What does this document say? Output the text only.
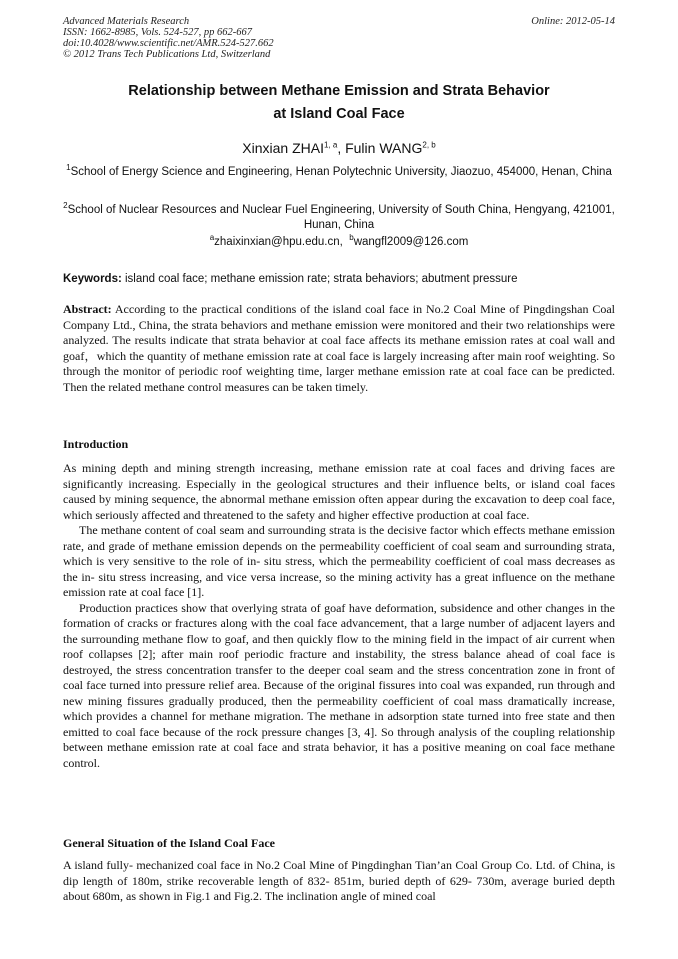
Advanced Materials Research
ISSN: 1662-8985, Vols. 524-527, pp 662-667
doi:10.4028/www.scientific.net/AMR.524-527.662
© 2012 Trans Tech Publications Ltd, Switzerland
Online: 2012-05-14
Relationship between Methane Emission and Strata Behavior
at Island Coal Face
Xinxian ZHAI$^{1, a}$, Fulin WANG$^{2, b}$
$^1$School of Energy Science and Engineering, Henan Polytechnic University, Jiaozuo, 454000, Henan, China
$^2$School of Nuclear Resources and Nuclear Fuel Engineering, University of South China, Hengyang, 421001, Hunan, China
$^a$zhaixinxian@hpu.edu.cn, $^b$wangfl2009@126.com
Keywords: island coal face; methane emission rate; strata behaviors; abutment pressure

Abstract: According to the practical conditions of the island coal face in No.2 Coal Mine of Pingdingshan Coal Company Ltd., China, the strata behaviors and methane emission were monitored and their two relationships were analyzed. The results indicate that strata behavior at coal face affects its methane emission rates at coal wall and goaf，which the quantity of methane emission rate at coal face is largely increasing after main roof weighting. So through the monitor of periodic roof weighting time, larger methane emission rate at coal face can be predicted. Then the related methane control measures can be taken timely.

Introduction

As mining depth and mining strength increasing, methane emission rate at coal faces and driving faces are significantly increasing. Especially in the geological structures and their influence belts, or island coal faces caused by mining sequence, the abnormal methane emission often appear during the excavation to deep coal face, which seriously affected and threatened to the safety and higher effective production at coal face.

The methane content of coal seam and surrounding strata is the decisive factor which effects methane emission rate, and grade of methane emission depends on the permeability coefficient of coal seam and surrounding strata, which is very sensitive to the role of in- situ stress, which the permeability coefficient of coal mass decreases as the in- situ stress increasing, and vice versa increase, so the mining activity has a great influence on the methane emission rate at coal face [1].

Production practices show that overlying strata of goaf have deformation, subsidence and other changes in the formation of cracks or fractures along with the coal face advancement, that a large number of adjacent layers and the surrounding methane flow to goaf, and then quickly flow to the mining field in the impact of air current when roof collapses [2]; after main roof periodic fracture and instability, the stress balance ahead of coal face is destroyed, the stress concentration transfer to the deeper coal seam and the stress concentration zone in front of coal face turned into pressure relief area. Because of the original fissures into coal was expanded, run through and new mining fissures gradually produced, then the permeability coefficient of coal mass dramatically increase, which provides a channel for methane migration. The methane in adsorption state turned into free state and then emitted to coal face because of the rock pressure changes [3, 4]. So through analysis of the coupling relationship between methane emission rate at coal face and strata behavior, it has a positive meaning on coal face methane control.

General Situation of the Island Coal Face

A island fully- mechanized coal face in No.2 Coal Mine of Pingdinghan Tian’an Coal Group Co. Ltd. of China, is dip length of 180m, strike recoverable length of 832- 851m, buried depth of 629- 730m, average buried depth about 680m, as shown in Fig.1 and Fig.2. The inclination angle of mined coal
